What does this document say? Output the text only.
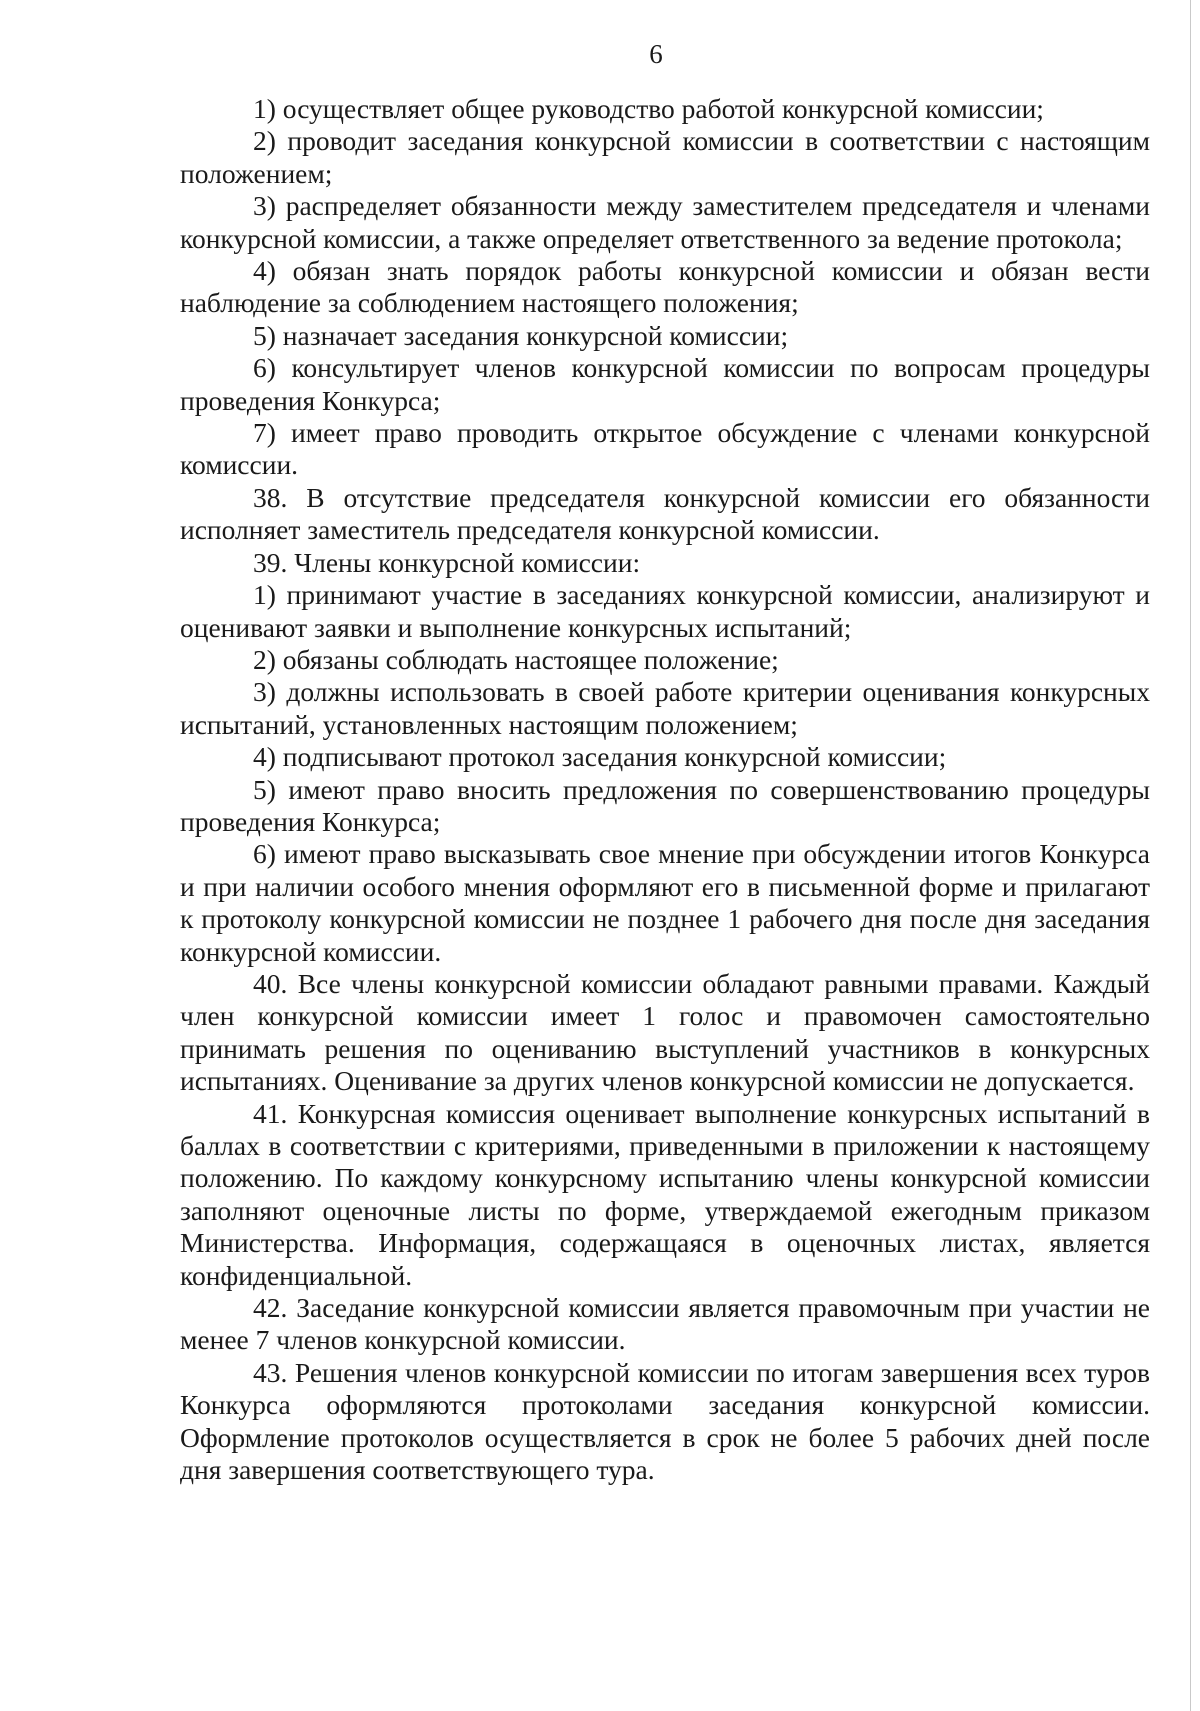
6

1) осуществляет общее руководство работой конкурсной комиссии;

2) проводит заседания конкурсной комиссии в соответствии с настоящим положением;

3) распределяет обязанности между заместителем председателя и членами конкурсной комиссии, а также определяет ответственного за ведение протокола;

4) обязан знать порядок работы конкурсной комиссии и обязан вести наблюдение за соблюдением настоящего положения;

5) назначает заседания конкурсной комиссии;

6) консультирует членов конкурсной комиссии по вопросам процедуры проведения Конкурса;

7) имеет право проводить открытое обсуждение с членами конкурсной комиссии.

38. В отсутствие председателя конкурсной комиссии его обязанности исполняет заместитель председателя конкурсной комиссии.

39. Члены конкурсной комиссии:

1) принимают участие в заседаниях конкурсной комиссии, анализируют и оценивают заявки и выполнение конкурсных испытаний;

2) обязаны соблюдать настоящее положение;

3) должны использовать в своей работе критерии оценивания конкурсных испытаний, установленных настоящим положением;

4) подписывают протокол заседания конкурсной комиссии;

5) имеют право вносить предложения по совершенствованию процедуры проведения Конкурса;

6) имеют право высказывать свое мнение при обсуждении итогов Конкурса и при наличии особого мнения оформляют его в письменной форме и прилагают к протоколу конкурсной комиссии не позднее 1 рабочего дня после дня заседания конкурсной комиссии.

40. Все члены конкурсной комиссии обладают равными правами. Каждый член конкурсной комиссии имеет 1 голос и правомочен самостоятельно принимать решения по оцениванию выступлений участников в конкурсных испытаниях. Оценивание за других членов конкурсной комиссии не допускается.

41. Конкурсная комиссия оценивает выполнение конкурсных испытаний в баллах в соответствии с критериями, приведенными в приложении к настоящему положению. По каждому конкурсному испытанию члены конкурсной комиссии заполняют оценочные листы по форме, утверждаемой ежегодным приказом Министерства. Информация, содержащаяся в оценочных листах, является конфиденциальной.

42. Заседание конкурсной комиссии является правомочным при участии не менее 7 членов конкурсной комиссии.

43. Решения членов конкурсной комиссии по итогам завершения всех туров Конкурса оформляются протоколами заседания конкурсной комиссии. Оформление протоколов осуществляется в срок не более 5 рабочих дней после дня завершения соответствующего тура.
